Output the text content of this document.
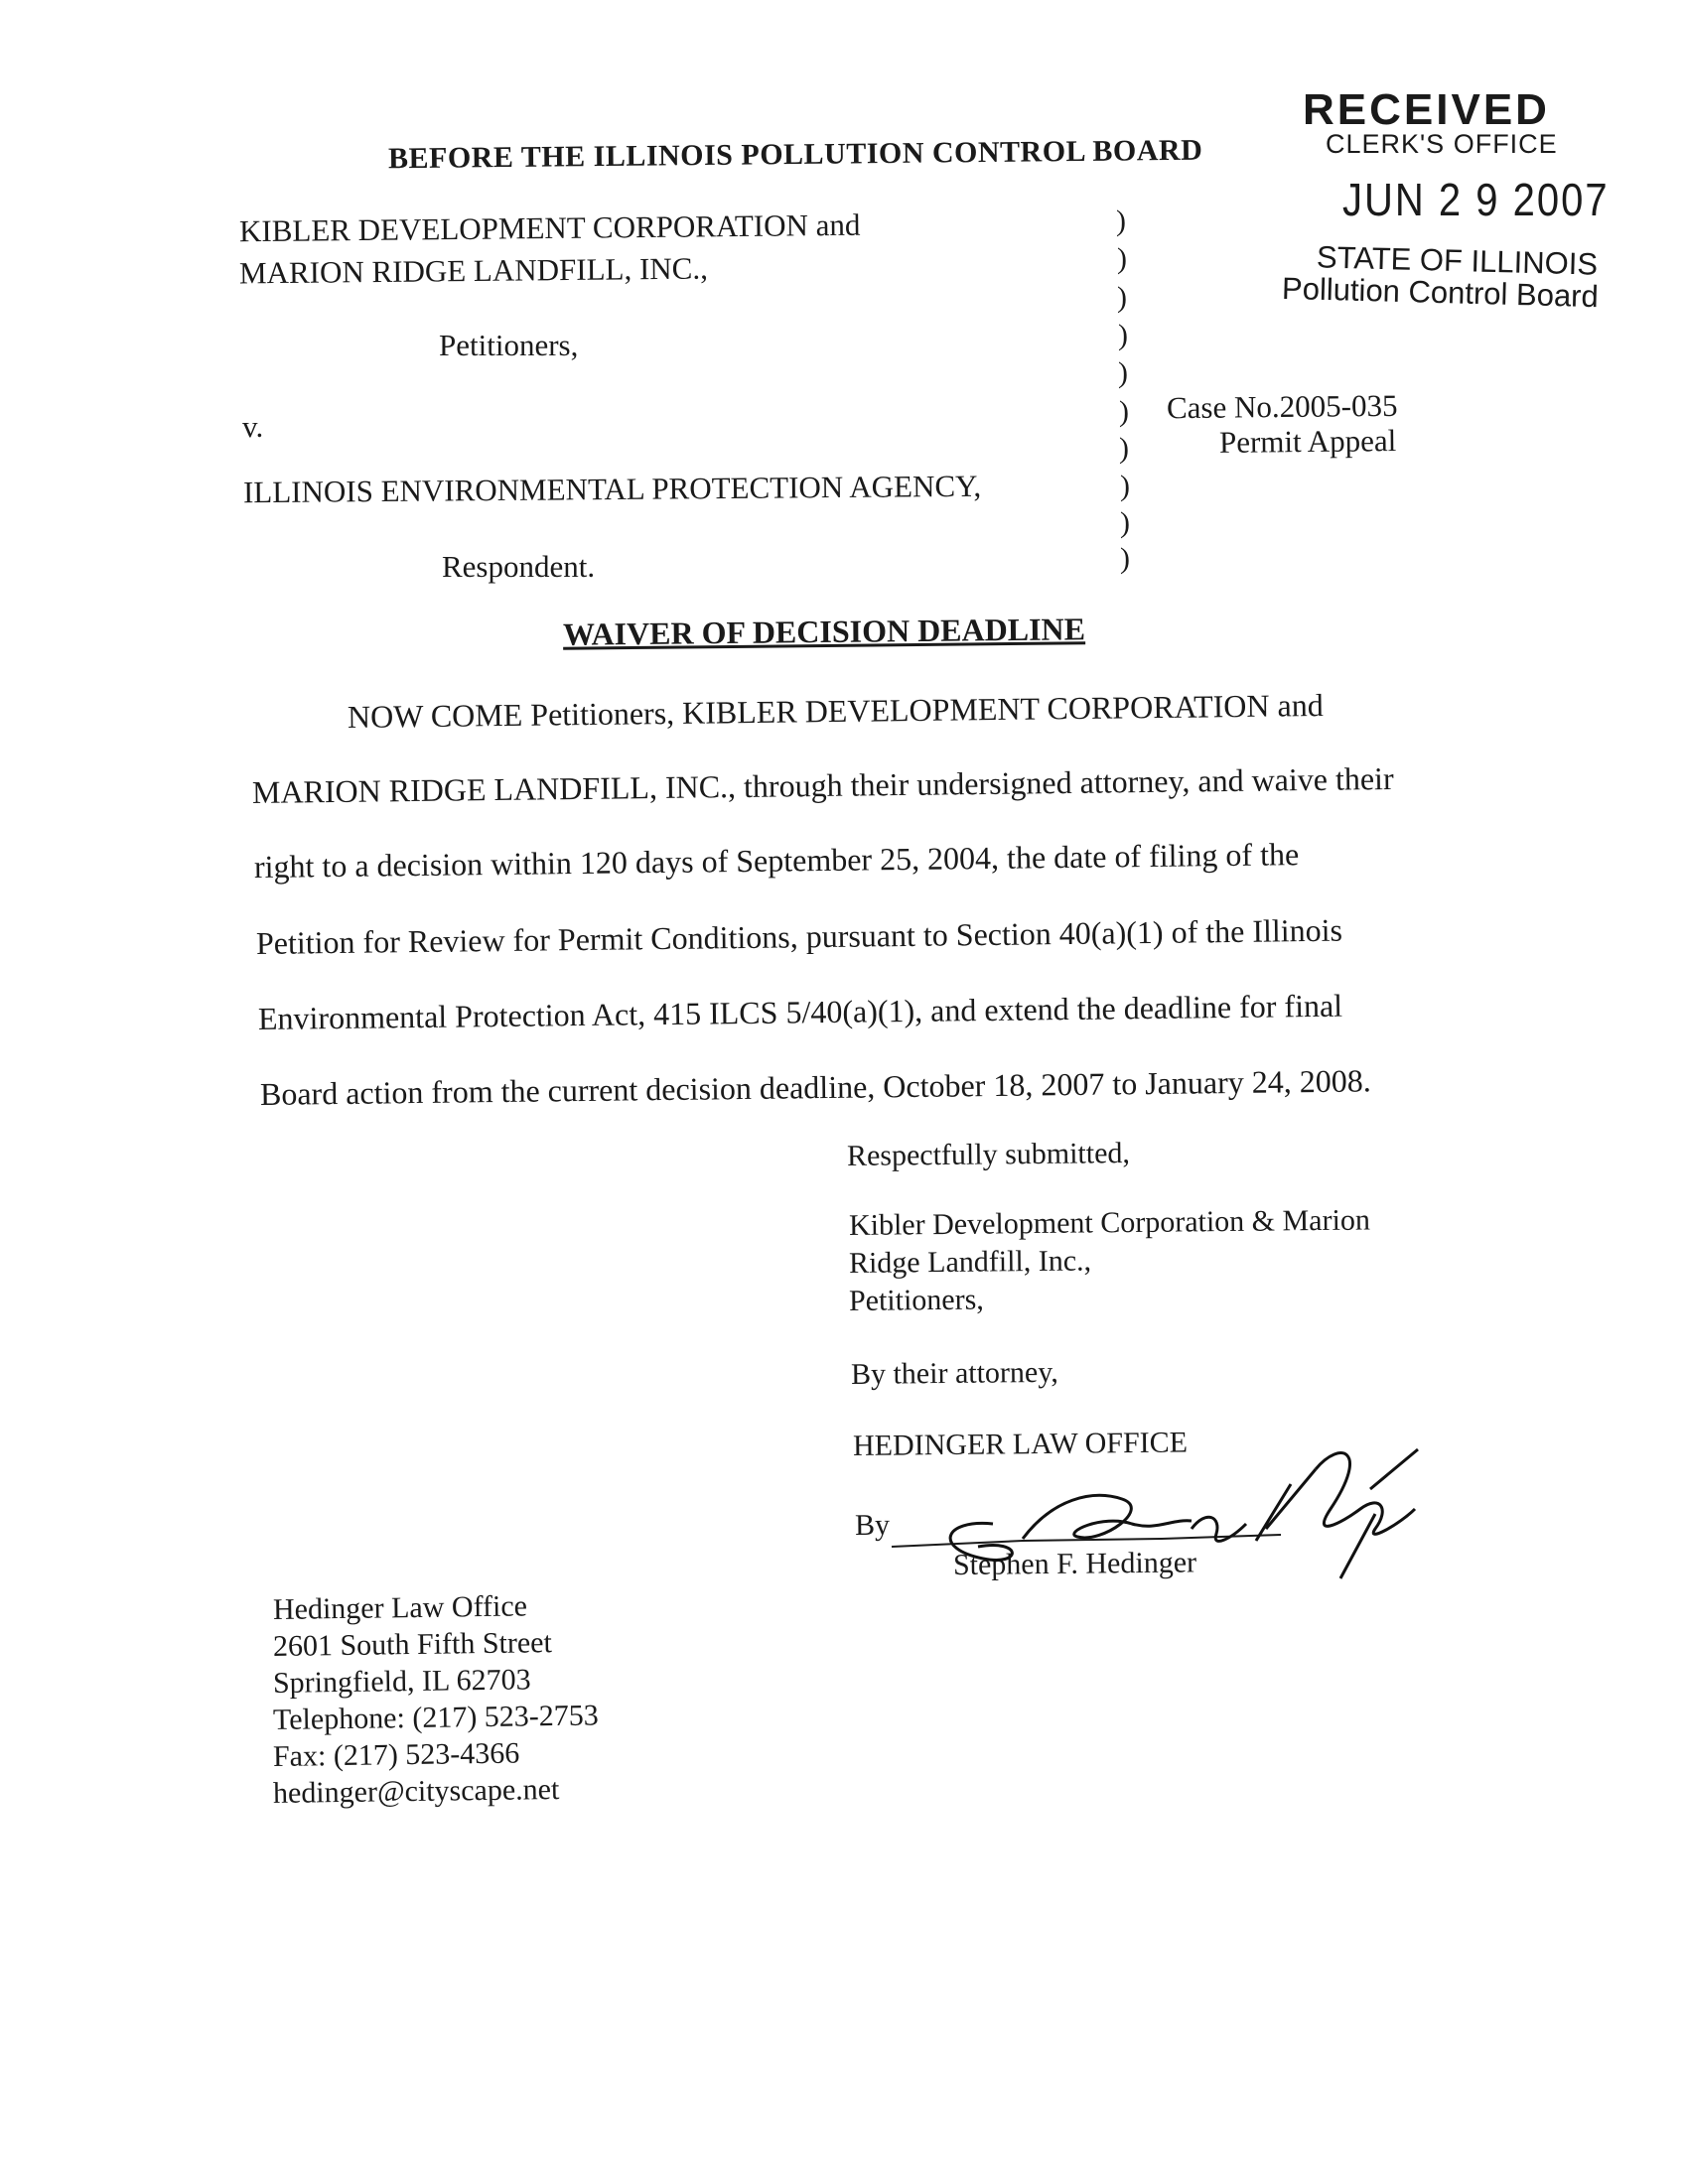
RECEIVED
CLERK'S OFFICE
JUN 2 9 2007
STATE OF ILLINOIS
Pollution Control Board
BEFORE THE ILLINOIS POLLUTION CONTROL BOARD
KIBLER DEVELOPMENT CORPORATION and
MARION RIDGE LANDFILL, INC.,
Petitioners,
v.
ILLINOIS ENVIRONMENTAL PROTECTION AGENCY,
Respondent.
)
)
)
)
)
)
)
)
)
)
Case No.2005-035
Permit Appeal
WAIVER OF DECISION DEADLINE
NOW COME Petitioners, KIBLER DEVELOPMENT CORPORATION and
MARION RIDGE LANDFILL, INC., through their undersigned attorney, and waive their
right to a decision within 120 days of September 25, 2004, the date of filing of the
Petition for Review for Permit Conditions, pursuant to Section 40(a)(1) of the Illinois
Environmental Protection Act, 415 ILCS 5/40(a)(1), and extend the deadline for final
Board action from the current decision deadline, October 18, 2007 to January 24, 2008.
Respectfully submitted,
Kibler Development Corporation & Marion
Ridge Landfill, Inc.,
Petitioners,
By their attorney,
HEDINGER LAW OFFICE
By
Stephen F. Hedinger
Hedinger Law Office
2601 South Fifth Street
Springfield, IL 62703
Telephone: (217) 523-2753
Fax: (217) 523-4366
hedinger@cityscape.net
